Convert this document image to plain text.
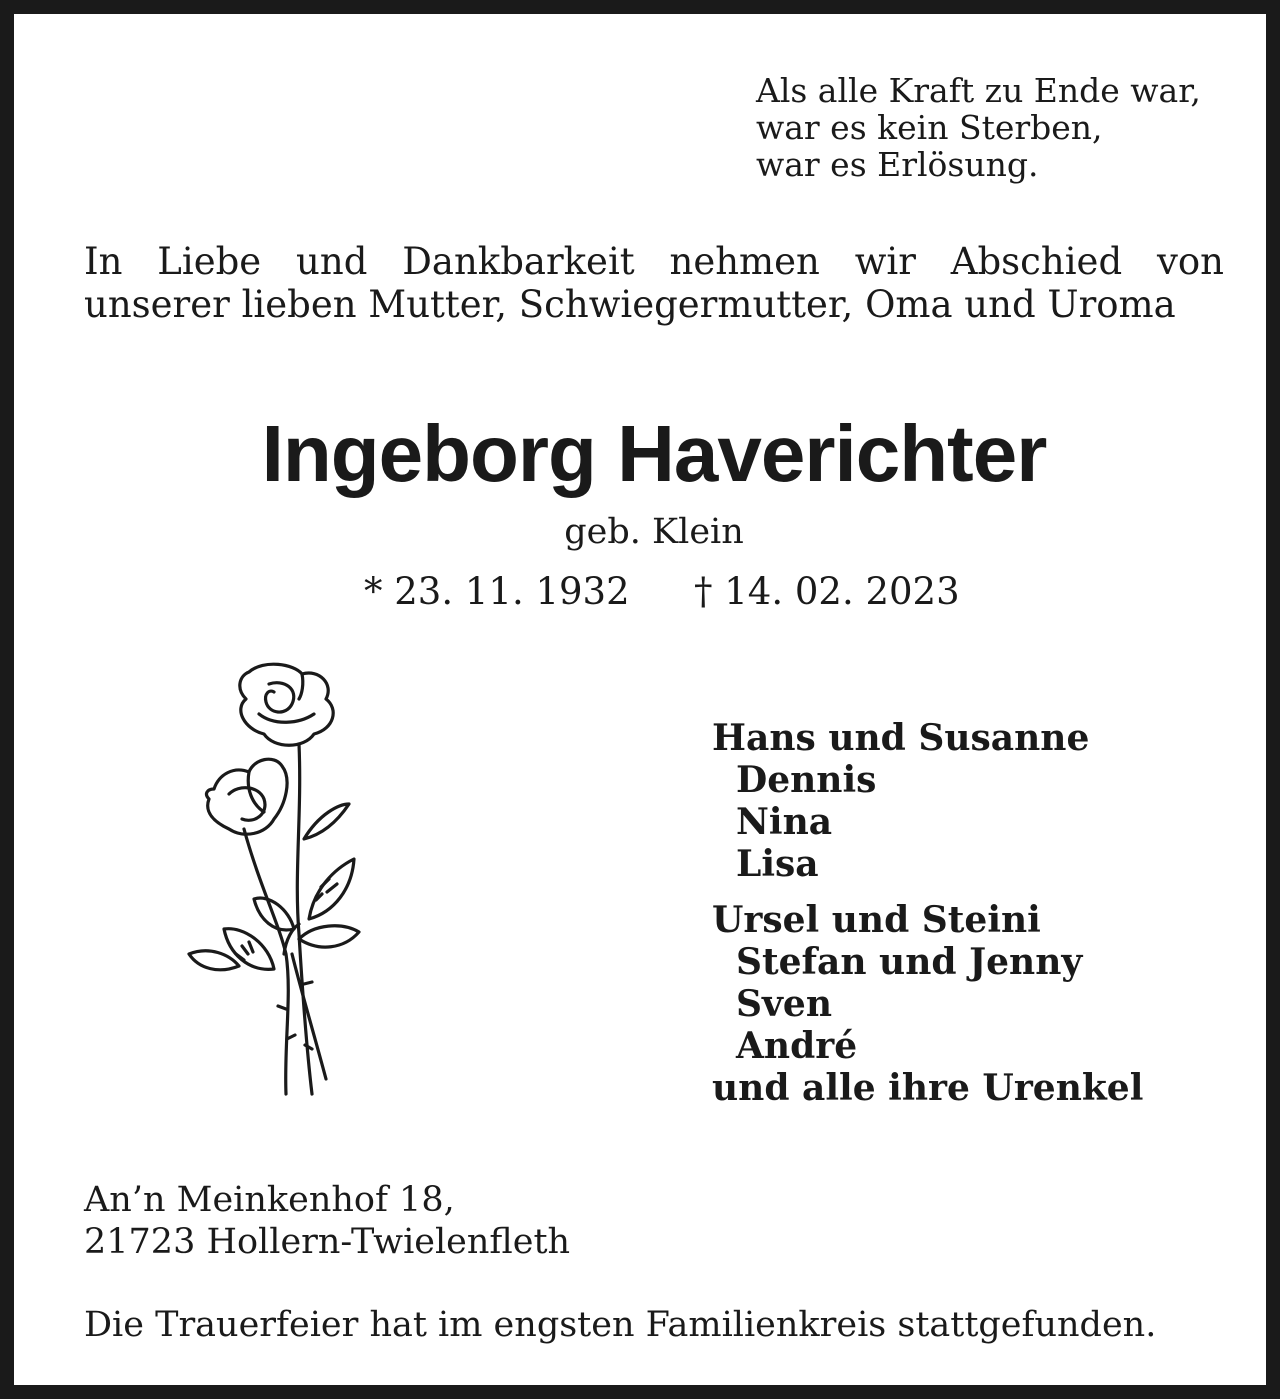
Als alle Kraft zu Ende war,
war es kein Sterben,
war es Erlösung.
In Liebe und Dankbarkeit nehmen wir Abschied von
unserer lieben Mutter, Schwiegermutter, Oma und Uroma
Ingeborg Haverichter
geb. Klein
* 23. 11. 1932 † 14. 02. 2023
Hans und Susanne
Dennis
Nina
Lisa
Ursel und Steini
Stefan und Jenny
Sven
André
und alle ihre Urenkel
An’n Meinkenhof 18,
21723 Hollern-Twielenfleth
Die Trauerfeier hat im engsten Familienkreis stattgefunden.
